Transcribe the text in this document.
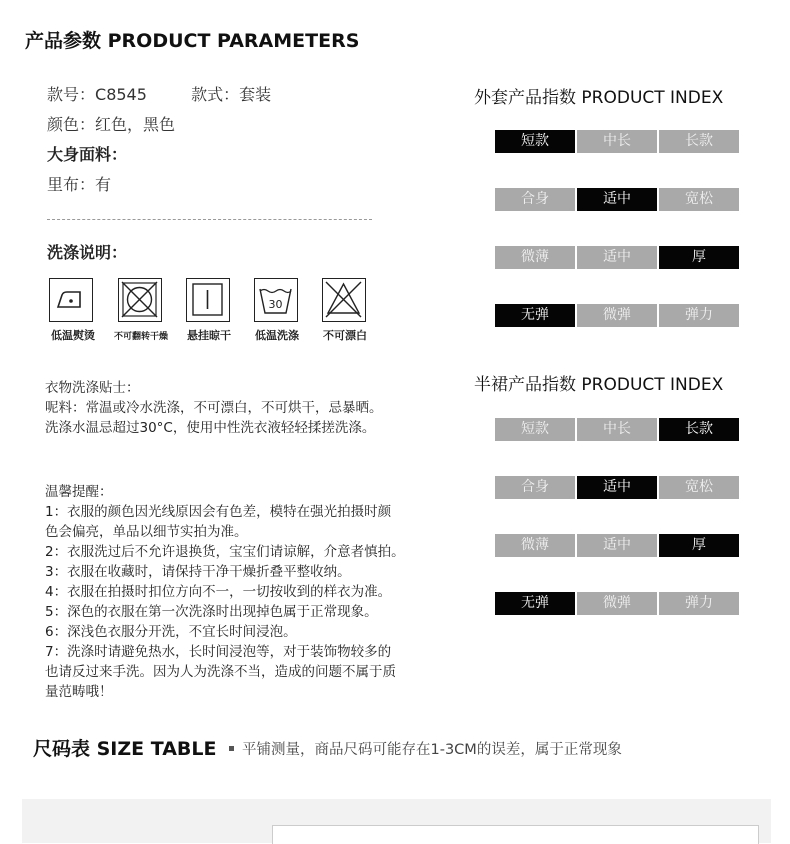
产品参数 PRODUCT PARAMETERS
款号：C8545	款式：套装
颜色：红色，黑色
大身面料：
里布：有
洗涤说明：
30
低温熨烫	不可翻转干燥	悬挂晾干	低温洗涤	不可漂白
衣物洗涤贴士：
呢料：常温或冷水洗涤，不可漂白，不可烘干，忌暴晒。
洗涤水温忌超过30°C，使用中性洗衣液轻轻揉搓洗涤。
温馨提醒：
1：衣服的颜色因光线原因会有色差，模特在强光拍摄时颜
色会偏亮，单品以细节实拍为准。
2：衣服洗过后不允许退换货，宝宝们请谅解，介意者慎拍。
3：衣服在收藏时，请保持干净干燥折叠平整收纳。
4：衣服在拍摄时扣位方向不一，一切按收到的样衣为准。
5：深色的衣服在第一次洗涤时出现掉色属于正常现象。
6：深浅色衣服分开洗，不宜长时间浸泡。
7：洗涤时请避免热水，长时间浸泡等，对于装饰物较多的
也请反过来手洗。因为人为洗涤不当，造成的问题不属于质
量范畴哦！
外套产品指数 PRODUCT INDEX
短款	中长	长款
合身	适中	宽松
微薄	适中	厚
无弹	微弹	弹力
半裙产品指数 PRODUCT INDEX
短款	中长	长款
合身	适中	宽松
微薄	适中	厚
无弹	微弹	弹力
尺码表 SIZE TABLE	平铺测量，商品尺码可能存在1-3CM的误差，属于正常现象
